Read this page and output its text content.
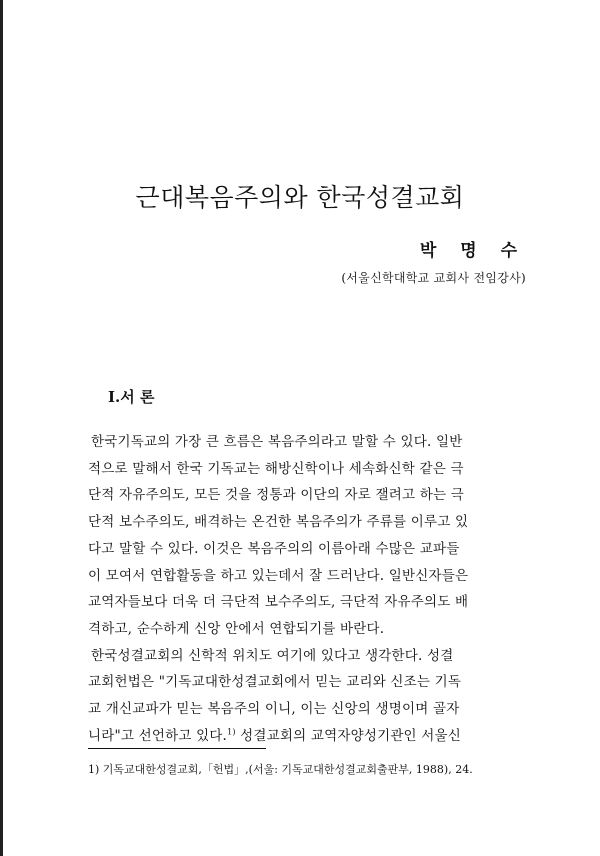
근대복음주의와 한국성결교회
박 명 수
(서울신학대학교 교회사 전임강사)
Ⅰ.서 론

한국기독교의 가장 큰 흐름은 복음주의라고 말할 수 있다. 일반
적으로 말해서 한국 기독교는 해방신학이나 세속화신학 같은 극
단적 자유주의도, 모든 것을 정통과 이단의 자로 잴려고 하는 극
단적 보수주의도, 배격하는 온건한 복음주의가 주류를 이루고 있
다고 말할 수 있다. 이것은 복음주의의 이름아래 수많은 교파들
이 모여서 연합활동을 하고 있는데서 잘 드러난다. 일반신자들은
교역자들보다 더욱 더 극단적 보수주의도, 극단적 자유주의도 배
격하고, 순수하게 신앙 안에서 연합되기를 바란다.

한국성결교회의 신학적 위치도 여기에 있다고 생각한다. 성결
교회헌법은 "기독교대한성결교회에서 믿는 교리와 신조는 기독
교 개신교파가 믿는 복음주의 이니, 이는 신앙의 생명이며 골자
니라"고 선언하고 있다.$^{1)}$ 성결교회의 교역자양성기관인 서울신

1) 기독교대한성결교회,「헌법」,(서울: 기독교대한성결교회출판부, 1988), 24.
